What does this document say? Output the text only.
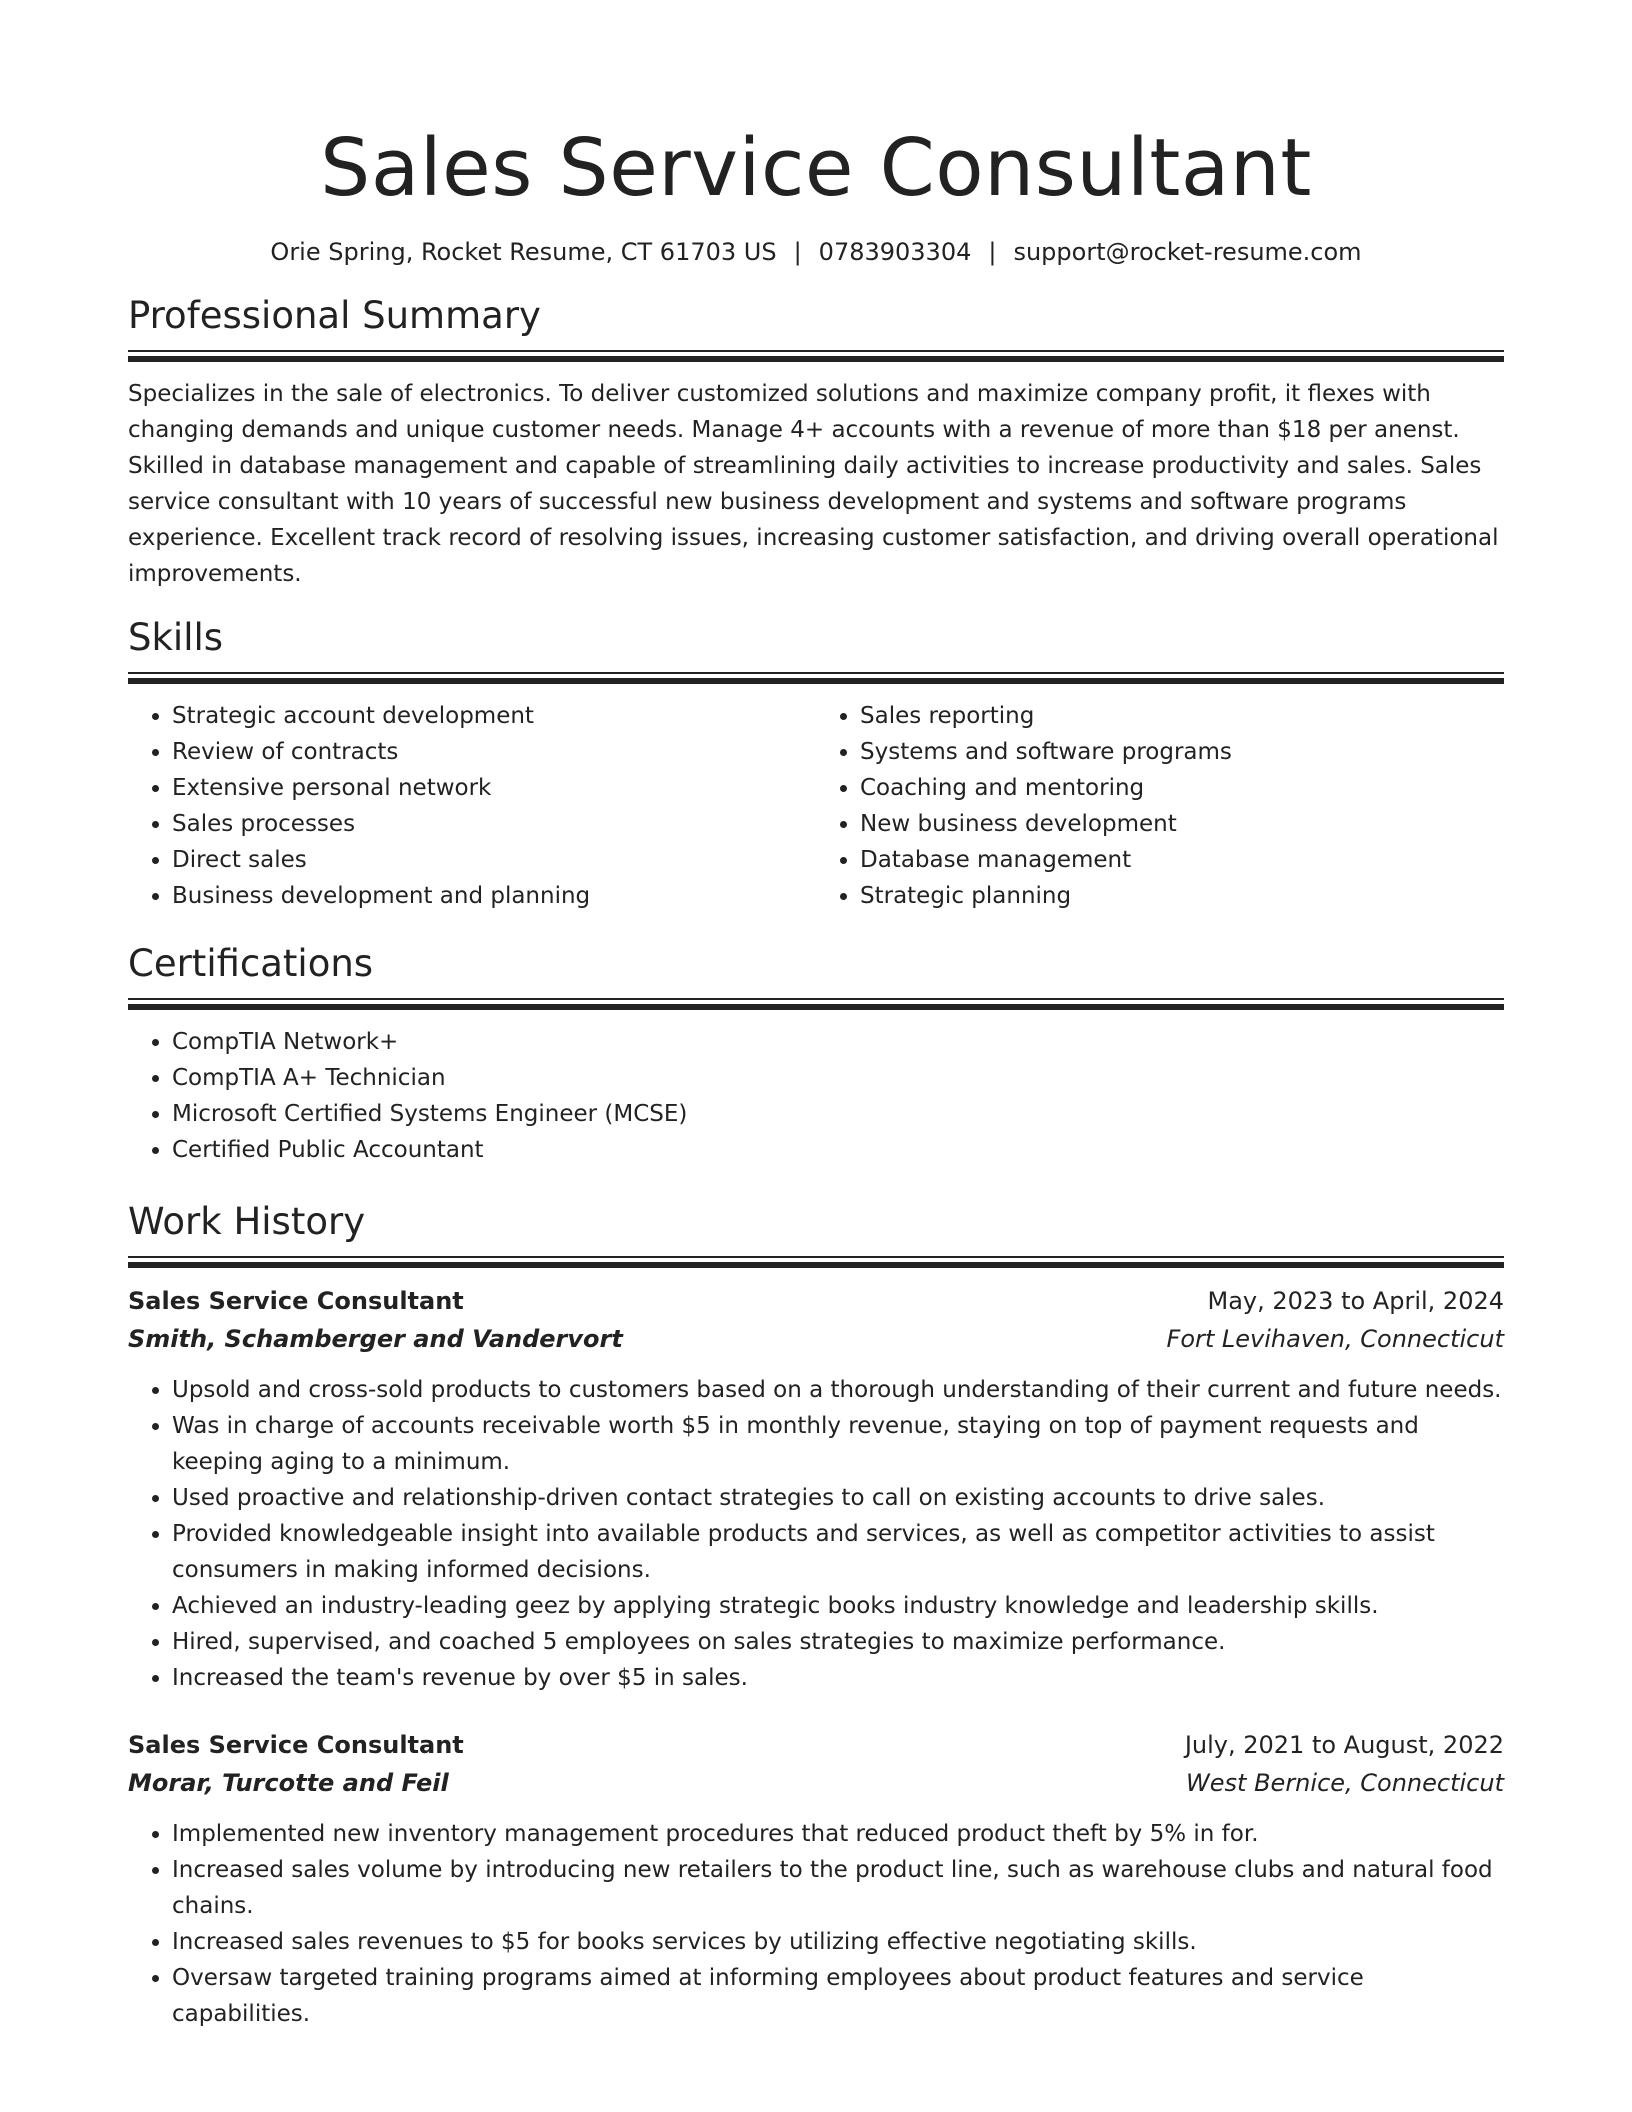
Sales Service Consultant
Orie Spring, Rocket Resume, CT 61703 US | 0783903304 | support@rocket-resume.com
Professional Summary
Specializes in the sale of electronics. To deliver customized solutions and maximize company profit, it flexes with changing demands and unique customer needs. Manage 4+ accounts with a revenue of more than $18 per anenst. Skilled in database management and capable of streamlining daily activities to increase productivity and sales. Sales service consultant with 10 years of successful new business development and systems and software programs experience. Excellent track record of resolving issues, increasing customer satisfaction, and driving overall operational improvements.
Skills
• Strategic account development
• Review of contracts
• Extensive personal network
• Sales processes
• Direct sales
• Business development and planning
• Sales reporting
• Systems and software programs
• Coaching and mentoring
• New business development
• Database management
• Strategic planning
Certifications
• CompTIA Network+
• CompTIA A+ Technician
• Microsoft Certified Systems Engineer (MCSE)
• Certified Public Accountant
Work History
Sales Service Consultant	May, 2023 to April, 2024
Smith, Schamberger and Vandervort	Fort Levihaven, Connecticut
• Upsold and cross-sold products to customers based on a thorough understanding of their current and future needs.
• Was in charge of accounts receivable worth $5 in monthly revenue, staying on top of payment requests and keeping aging to a minimum.
• Used proactive and relationship-driven contact strategies to call on existing accounts to drive sales.
• Provided knowledgeable insight into available products and services, as well as competitor activities to assist consumers in making informed decisions.
• Achieved an industry-leading geez by applying strategic books industry knowledge and leadership skills.
• Hired, supervised, and coached 5 employees on sales strategies to maximize performance.
• Increased the team's revenue by over $5 in sales.
Sales Service Consultant	July, 2021 to August, 2022
Morar, Turcotte and Feil	West Bernice, Connecticut
• Implemented new inventory management procedures that reduced product theft by 5% in for.
• Increased sales volume by introducing new retailers to the product line, such as warehouse clubs and natural food chains.
• Increased sales revenues to $5 for books services by utilizing effective negotiating skills.
• Oversaw targeted training programs aimed at informing employees about product features and service capabilities.
